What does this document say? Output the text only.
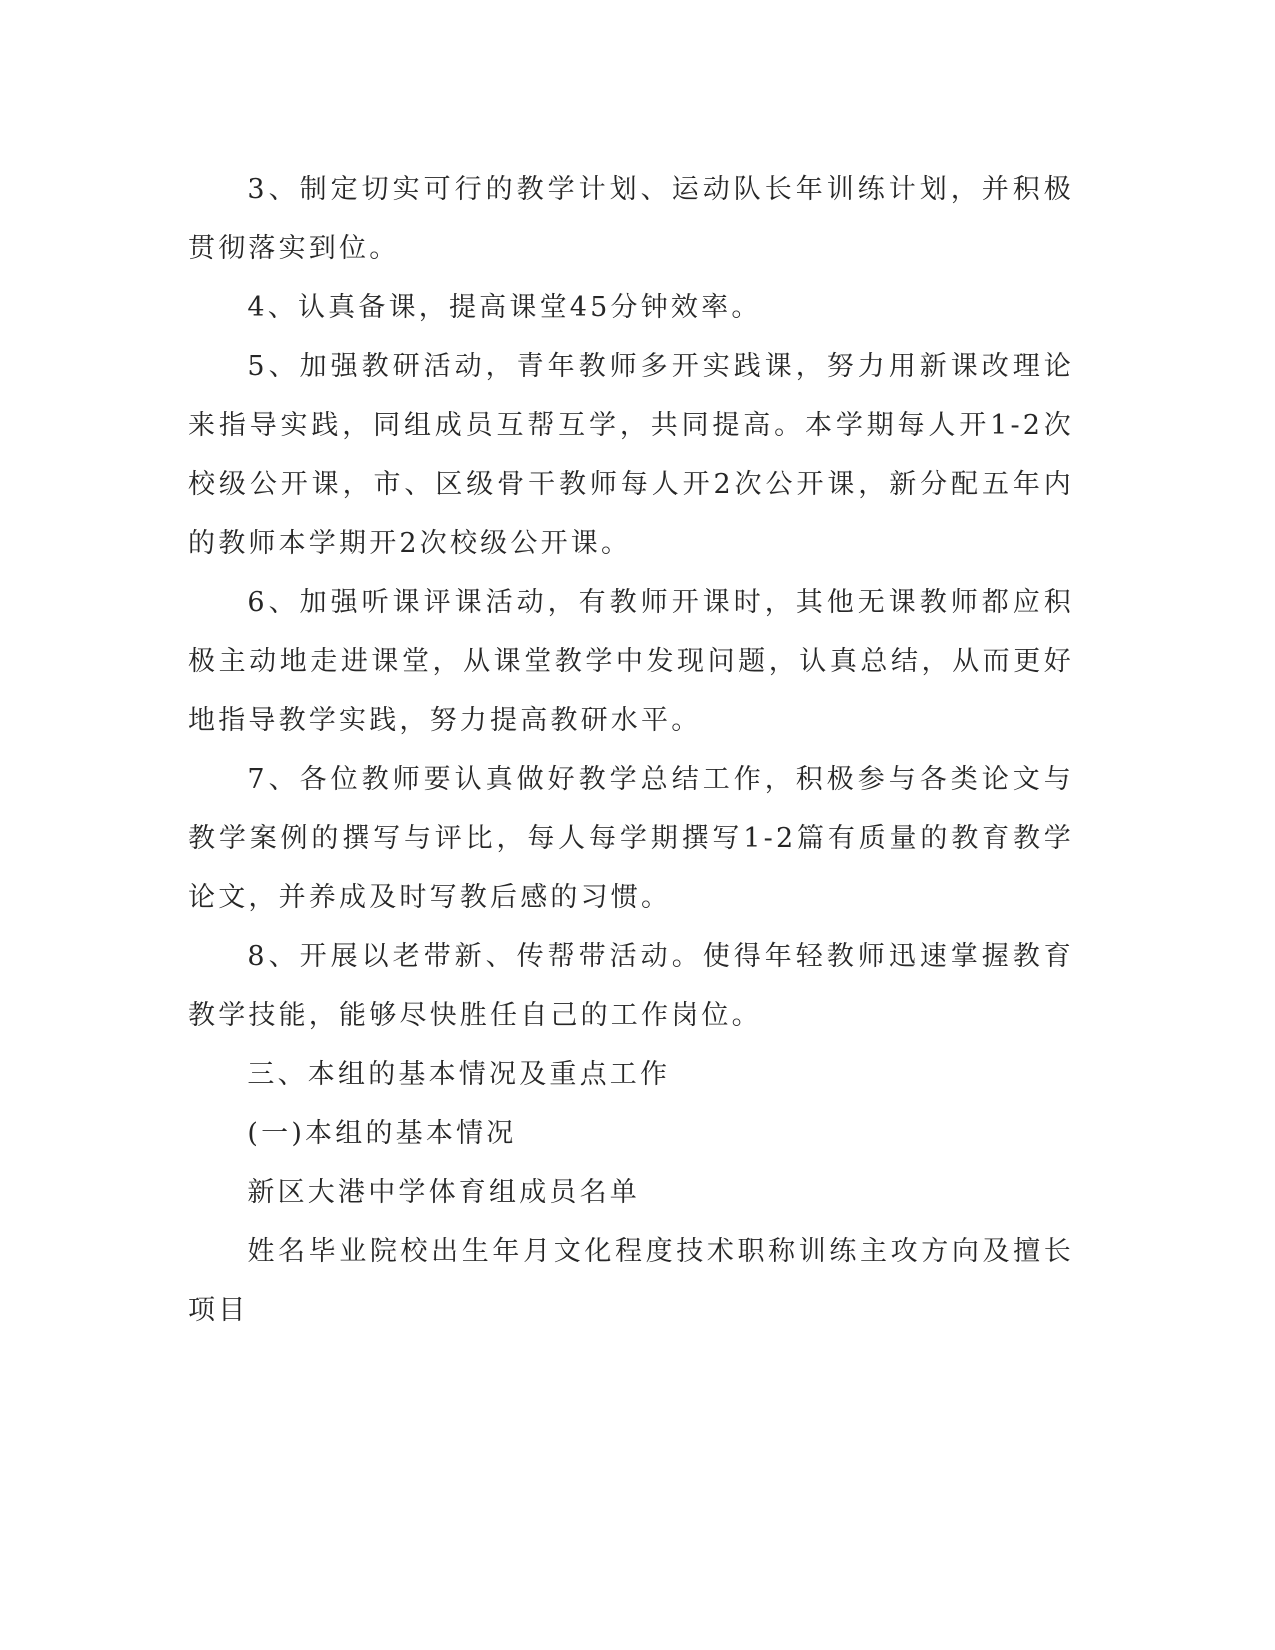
3、制定切实可行的教学计划、运动队长年训练计划，并积极贯彻落实到位。

4、认真备课，提高课堂45分钟效率。

5、加强教研活动，青年教师多开实践课，努力用新课改理论来指导实践，同组成员互帮互学，共同提高。本学期每人开1-2次校级公开课，市、区级骨干教师每人开2次公开课，新分配五年内的教师本学期开2次校级公开课。

6、加强听课评课活动，有教师开课时，其他无课教师都应积极主动地走进课堂，从课堂教学中发现问题，认真总结，从而更好地指导教学实践，努力提高教研水平。

7、各位教师要认真做好教学总结工作，积极参与各类论文与教学案例的撰写与评比，每人每学期撰写1-2篇有质量的教育教学论文，并养成及时写教后感的习惯。

8、开展以老带新、传帮带活动。使得年轻教师迅速掌握教育教学技能，能够尽快胜任自己的工作岗位。

三、本组的基本情况及重点工作

(一)本组的基本情况

新区大港中学体育组成员名单

姓名毕业院校出生年月文化程度技术职称训练主攻方向及擅长项目
